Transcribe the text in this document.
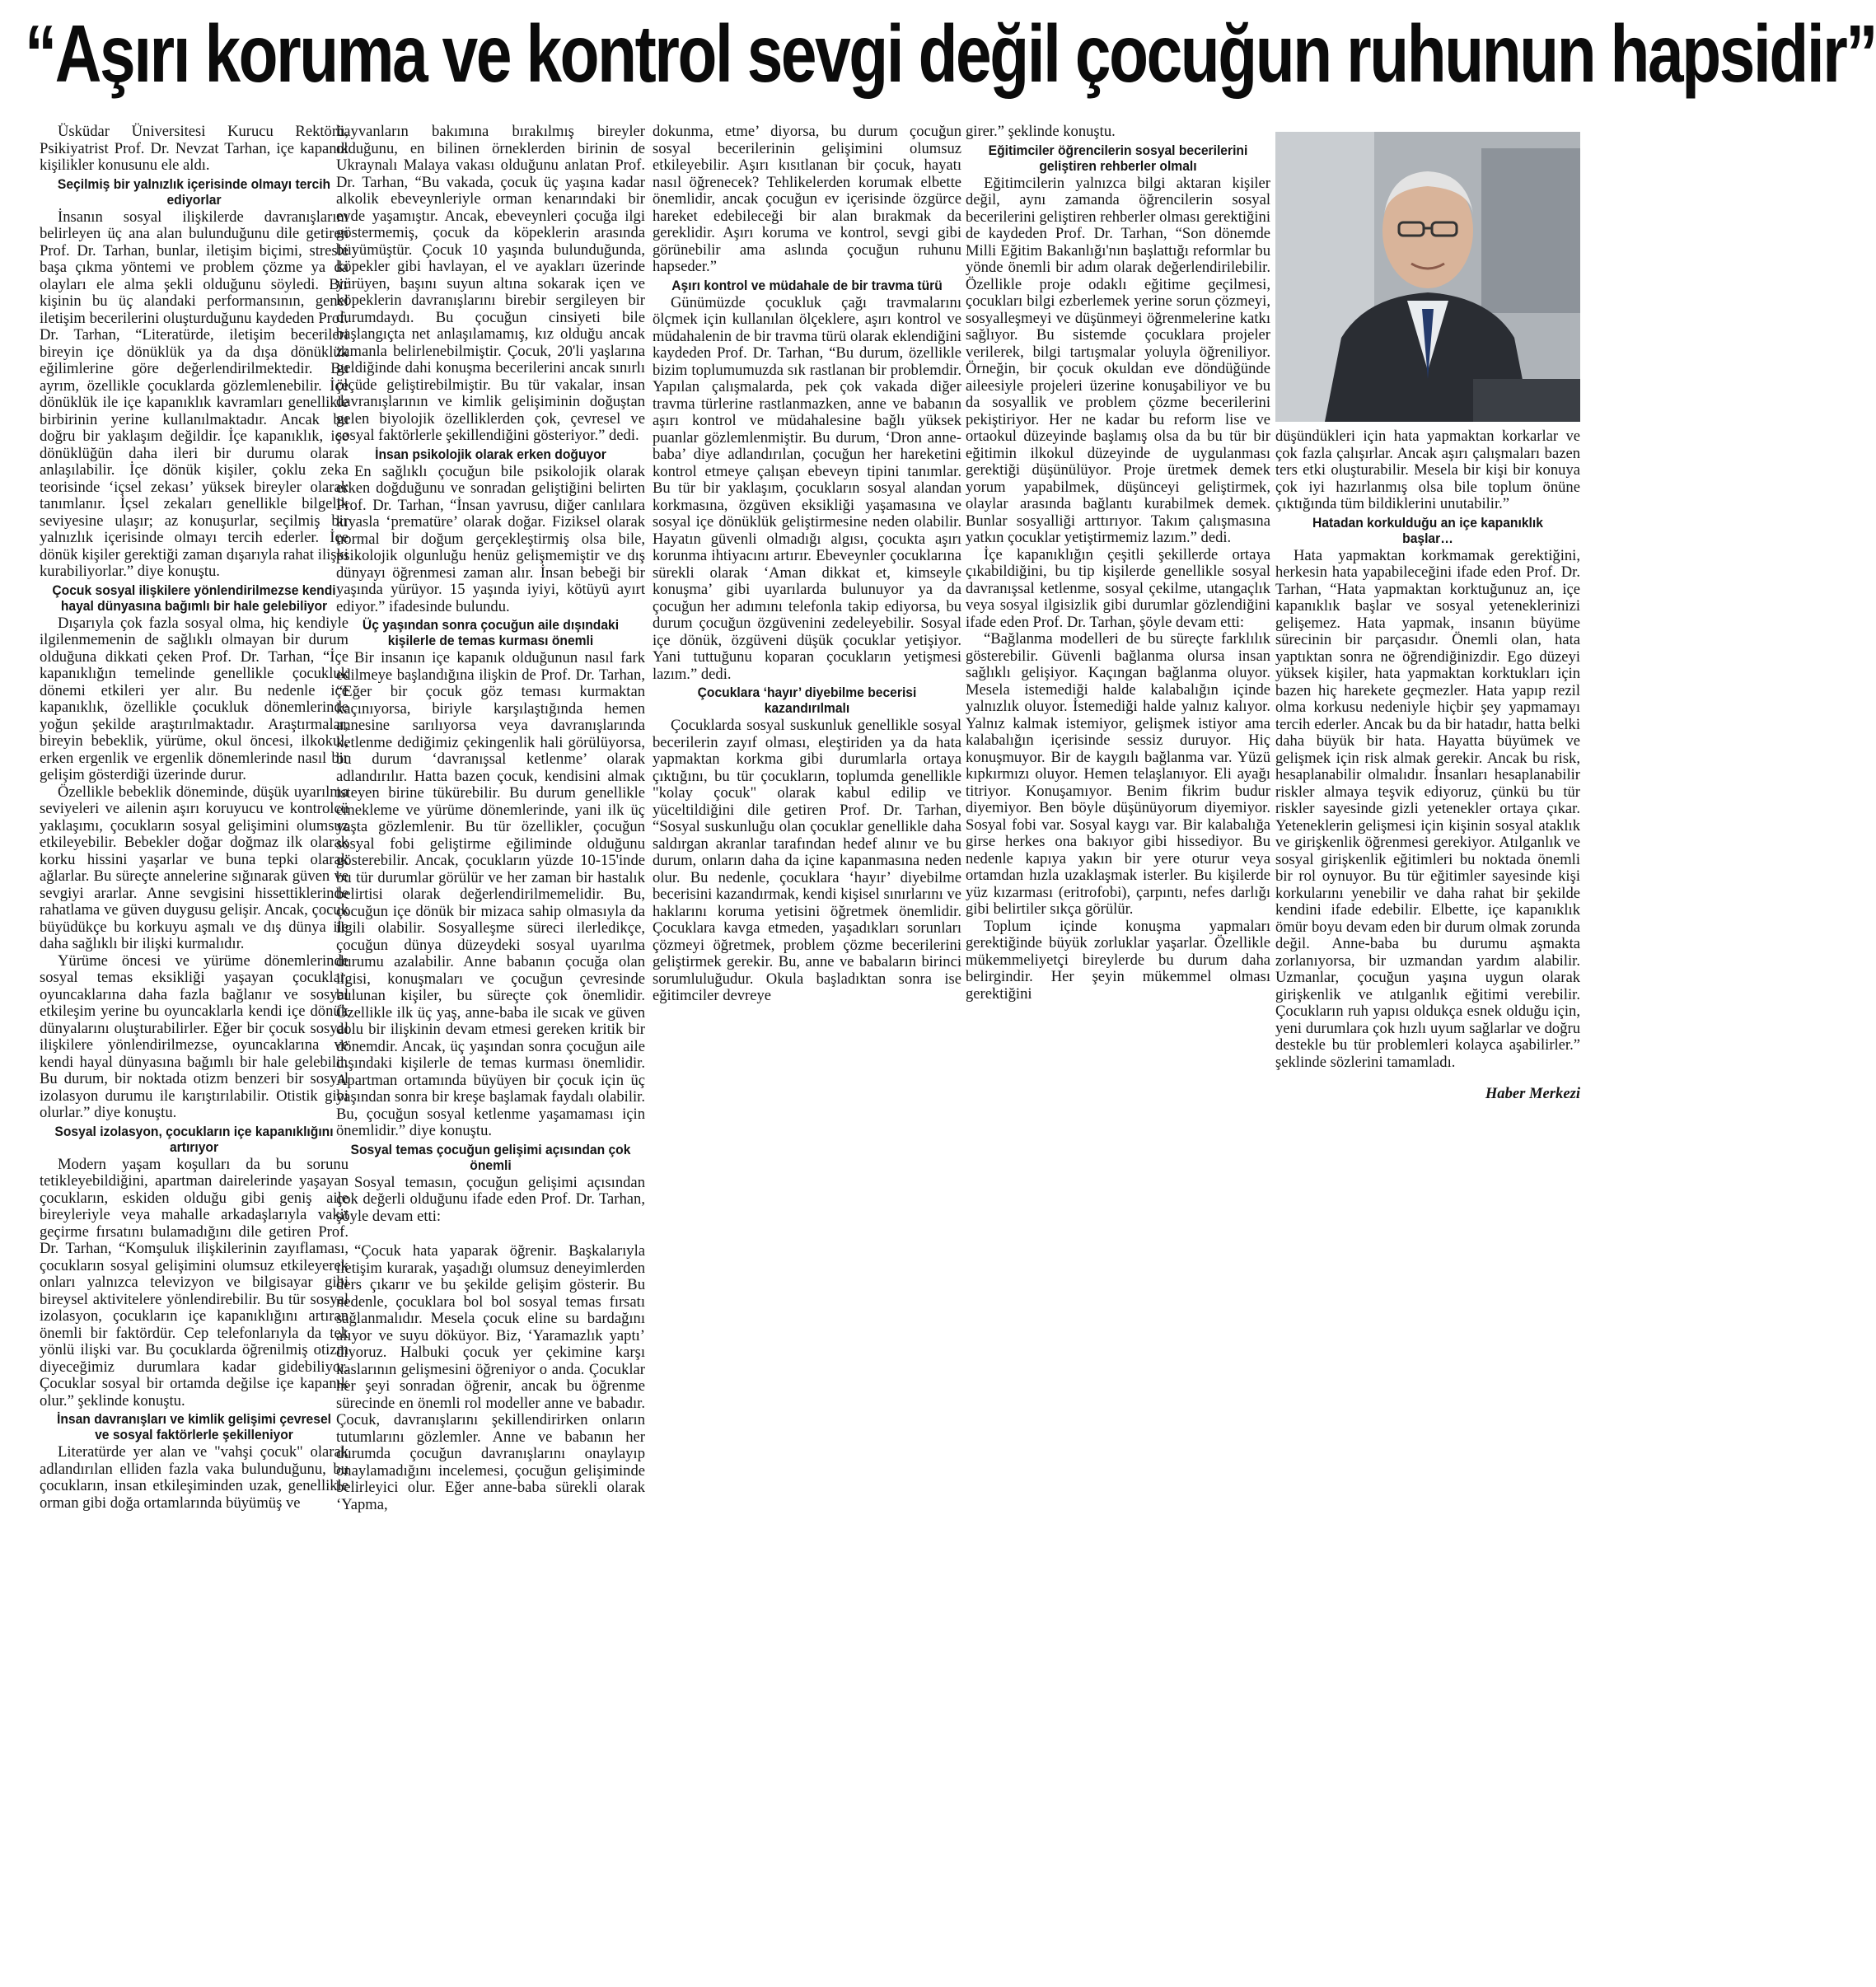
“Aşırı koruma ve kontrol sevgi değil çocuğun ruhunun hapsidir”

Üsküdar Üniversitesi Kurucu Rektörü, Psikiyatrist Prof. Dr. Nevzat Tarhan, içe kapanık kişilikler konusunu ele aldı.

Seçilmiş bir yalnızlık içerisinde olmayı tercih ediyorlar

İnsanın sosyal ilişkilerde davranışlarını belirleyen üç ana alan bulunduğunu dile getiren Prof. Dr. Tarhan, bunlar, iletişim biçimi, stresle başa çıkma yöntemi ve problem çözme ya da olayları ele alma şekli olduğunu söyledi. Bir kişinin bu üç alandaki performansının, genel iletişim becerilerini oluşturduğunu kaydeden Prof. Dr. Tarhan, “Literatürde, iletişim becerileri bireyin içe dönüklük ya da dışa dönüklük eğilimlerine göre değerlendirilmektedir. Bu ayrım, özellikle çocuklarda gözlemlenebilir. İçe dönüklük ile içe kapanıklık kavramları genellikle birbirinin yerine kullanılmaktadır. Ancak bu doğru bir yaklaşım değildir. İçe kapanıklık, içe dönüklüğün daha ileri bir durumu olarak anlaşılabilir. İçe dönük kişiler, çoklu zeka teorisinde ‘içsel zekası’ yüksek bireyler olarak tanımlanır. İçsel zekaları genellikle bilgelik seviyesine ulaşır; az konuşurlar, seçilmiş bir yalnızlık içerisinde olmayı tercih ederler. İçe dönük kişiler gerektiği zaman dışarıyla rahat ilişki kurabiliyorlar.” diye konuştu.

Çocuk sosyal ilişkilere yönlendirilmezse kendi hayal dünyasına bağımlı bir hale gelebiliyor

Dışarıyla çok fazla sosyal olma, hiç kendiyle ilgilenmemenin de sağlıklı olmayan bir durum olduğuna dikkati çeken Prof. Dr. Tarhan, “İçe kapanıklığın temelinde genellikle çocukluk dönemi etkileri yer alır. Bu nedenle içe kapanıklık, özellikle çocukluk dönemlerinde yoğun şekilde araştırılmaktadır. Araştırmalar, bireyin bebeklik, yürüme, okul öncesi, ilkokul, erken ergenlik ve ergenlik dönemlerinde nasıl bir gelişim gösterdiği üzerinde durur.

Özellikle bebeklik döneminde, düşük uyarılma seviyeleri ve ailenin aşırı koruyucu ve kontrolcü yaklaşımı, çocukların sosyal gelişimini olumsuz etkileyebilir. Bebekler doğar doğmaz ilk olarak korku hissini yaşarlar ve buna tepki olarak ağlarlar. Bu süreçte annelerine sığınarak güven ve sevgiyi ararlar. Anne sevgisini hissettiklerinde rahatlama ve güven duygusu gelişir. Ancak, çocuk büyüdükçe bu korkuyu aşmalı ve dış dünya ile daha sağlıklı bir ilişki kurmalıdır.

Yürüme öncesi ve yürüme dönemlerinde sosyal temas eksikliği yaşayan çocuklar, oyuncaklarına daha fazla bağlanır ve sosyal etkileşim yerine bu oyuncaklarla kendi içe dönük dünyalarını oluşturabilirler. Eğer bir çocuk sosyal ilişkilere yönlendirilmezse, oyuncaklarına ve kendi hayal dünyasına bağımlı bir hale gelebilir. Bu durum, bir noktada otizm benzeri bir sosyal izolasyon durumu ile karıştırılabilir. Otistik gibi olurlar.” diye konuştu.

Sosyal izolasyon, çocukların içe kapanıklığını artırıyor

Modern yaşam koşulları da bu sorunu tetikleyebildiğini, apartman dairelerinde yaşayan çocukların, eskiden olduğu gibi geniş aile bireyleriyle veya mahalle arkadaşlarıyla vakit geçirme fırsatını bulamadığını dile getiren Prof. Dr. Tarhan, “Komşuluk ilişkilerinin zayıflaması, çocukların sosyal gelişimini olumsuz etkileyerek onları yalnızca televizyon ve bilgisayar gibi bireysel aktivitelere yönlendirebilir. Bu tür sosyal izolasyon, çocukların içe kapanıklığını artıran önemli bir faktördür. Cep telefonlarıyla da tek yönlü ilişki var. Bu çocuklarda öğrenilmiş otizm diyeceğimiz durumlara kadar gidebiliyor. Çocuklar sosyal bir ortamda değilse içe kapanık olur.” şeklinde konuştu.

İnsan davranışları ve kimlik gelişimi çevresel ve sosyal faktörlerle şekilleniyor

Literatürde yer alan ve "vahşi çocuk" olarak adlandırılan elliden fazla vaka bulunduğunu, bu çocukların, insan etkileşiminden uzak, genellikle orman gibi doğa ortamlarında büyümüş ve

hayvanların bakımına bırakılmış bireyler olduğunu, en bilinen örneklerden birinin de Ukraynalı Malaya vakası olduğunu anlatan Prof. Dr. Tarhan, “Bu vakada, çocuk üç yaşına kadar alkolik ebeveynleriyle orman kenarındaki bir evde yaşamıştır. Ancak, ebeveynleri çocuğa ilgi göstermemiş, çocuk da köpeklerin arasında büyümüştür. Çocuk 10 yaşında bulunduğunda, köpekler gibi havlayan, el ve ayakları üzerinde yürüyen, başını suyun altına sokarak içen ve köpeklerin davranışlarını birebir sergileyen bir durumdaydı. Bu çocuğun cinsiyeti bile başlangıçta net anlaşılamamış, kız olduğu ancak zamanla belirlenebilmiştir. Çocuk, 20'li yaşlarına geldiğinde dahi konuşma becerilerini ancak sınırlı ölçüde geliştirebilmiştir. Bu tür vakalar, insan davranışlarının ve kimlik gelişiminin doğuştan gelen biyolojik özelliklerden çok, çevresel ve sosyal faktörlerle şekillendiğini gösteriyor.” dedi.

İnsan psikolojik olarak erken doğuyor

En sağlıklı çocuğun bile psikolojik olarak erken doğduğunu ve sonradan geliştiğini belirten Prof. Dr. Tarhan, “İnsan yavrusu, diğer canlılara kıyasla ‘prematüre’ olarak doğar. Fiziksel olarak normal bir doğum gerçekleştirmiş olsa bile, psikolojik olgunluğu henüz gelişmemiştir ve dış dünyayı öğrenmesi zaman alır. İnsan bebeği bir yaşında yürüyor. 15 yaşında iyiyi, kötüyü ayırt ediyor.” ifadesinde bulundu.

Üç yaşından sonra çocuğun aile dışındaki kişilerle de temas kurması önemli

Bir insanın içe kapanık olduğunun nasıl fark edilmeye başlandığına ilişkin de Prof. Dr. Tarhan, “Eğer bir çocuk göz teması kurmaktan kaçınıyorsa, biriyle karşılaştığında hemen annesine sarılıyorsa veya davranışlarında ketlenme dediğimiz çekingenlik hali görülüyorsa, bu durum ‘davranışsal ketlenme’ olarak adlandırılır. Hatta bazen çocuk, kendisini almak isteyen birine tükürebilir. Bu durum genellikle emekleme ve yürüme dönemlerinde, yani ilk üç yaşta gözlemlenir. Bu tür özellikler, çocuğun sosyal fobi geliştirme eğiliminde olduğunu gösterebilir. Ancak, çocukların yüzde 10-15'inde bu tür durumlar görülür ve her zaman bir hastalık belirtisi olarak değerlendirilmemelidir. Bu, çocuğun içe dönük bir mizaca sahip olmasıyla da ilgili olabilir. Sosyalleşme süreci ilerledikçe, çocuğun dünya düzeydeki sosyal uyarılma durumu azalabilir. Anne babanın çocuğa olan ilgisi, konuşmaları ve çocuğun çevresinde bulunan kişiler, bu süreçte çok önemlidir. Özellikle ilk üç yaş, anne-baba ile sıcak ve güven dolu bir ilişkinin devam etmesi gereken kritik bir dönemdir. Ancak, üç yaşından sonra çocuğun aile dışındaki kişilerle de temas kurması önemlidir. Apartman ortamında büyüyen bir çocuk için üç yaşından sonra bir kreşe başlamak faydalı olabilir. Bu, çocuğun sosyal ketlenme yaşamaması için önemlidir.” diye konuştu.

Sosyal temas çocuğun gelişimi açısından çok önemli

Sosyal temasın, çocuğun gelişimi açısından çok değerli olduğunu ifade eden Prof. Dr. Tarhan, şöyle devam etti:

“Çocuk hata yaparak öğrenir. Başkalarıyla iletişim kurarak, yaşadığı olumsuz deneyimlerden ders çıkarır ve bu şekilde gelişim gösterir. Bu nedenle, çocuklara bol bol sosyal temas fırsatı sağlanmalıdır. Mesela çocuk eline su bardağını alıyor ve suyu döküyor. Biz, ‘Yaramazlık yaptı’ diyoruz. Halbuki çocuk yer çekimine karşı kaslarının gelişmesini öğreniyor o anda. Çocuklar her şeyi sonradan öğrenir, ancak bu öğrenme sürecinde en önemli rol modeller anne ve babadır. Çocuk, davranışlarını şekillendirirken onların tutumlarını gözlemler. Anne ve babanın her durumda çocuğun davranışlarını onaylayıp onaylamadığını incelemesi, çocuğun gelişiminde belirleyici olur. Eğer anne-baba sürekli olarak ‘Yapma,

dokunma, etme’ diyorsa, bu durum çocuğun sosyal becerilerinin gelişimini olumsuz etkileyebilir. Aşırı kısıtlanan bir çocuk, hayatı nasıl öğrenecek? Tehlikelerden korumak elbette önemlidir, ancak çocuğun ev içerisinde özgürce hareket edebileceği bir alan bırakmak da gereklidir. Aşırı koruma ve kontrol, sevgi gibi görünebilir ama aslında çocuğun ruhunu hapseder.”

Aşırı kontrol ve müdahale de bir travma türü

Günümüzde çocukluk çağı travmalarını ölçmek için kullanılan ölçeklere, aşırı kontrol ve müdahalenin de bir travma türü olarak eklendiğini kaydeden Prof. Dr. Tarhan, “Bu durum, özellikle bizim toplumumuzda sık rastlanan bir problemdir. Yapılan çalışmalarda, pek çok vakada diğer travma türlerine rastlanmazken, anne ve babanın aşırı kontrol ve müdahalesine bağlı yüksek puanlar gözlemlenmiştir. Bu durum, ‘Dron anne-baba’ diye adlandırılan, çocuğun her hareketini kontrol etmeye çalışan ebeveyn tipini tanımlar. Bu tür bir yaklaşım, çocukların sosyal alandan korkmasına, özgüven eksikliği yaşamasına ve sosyal içe dönüklük geliştirmesine neden olabilir. Hayatın güvenli olmadığı algısı, çocukta aşırı korunma ihtiyacını artırır. Ebeveynler çocuklarına sürekli olarak ‘Aman dikkat et, kimseyle konuşma’ gibi uyarılarda bulunuyor ya da çocuğun her adımını telefonla takip ediyorsa, bu durum çocuğun özgüvenini zedeleyebilir. Sosyal içe dönük, özgüveni düşük çocuklar yetişiyor. Yani tuttuğunu koparan çocukların yetişmesi lazım.” dedi.

Çocuklara ‘hayır’ diyebilme becerisi kazandırılmalı

Çocuklarda sosyal suskunluk genellikle sosyal becerilerin zayıf olması, eleştiriden ya da hata yapmaktan korkma gibi durumlarla ortaya çıktığını, bu tür çocukların, toplumda genellikle "kolay çocuk" olarak kabul edilip ve yüceltildiğini dile getiren Prof. Dr. Tarhan, “Sosyal suskunluğu olan çocuklar genellikle daha saldırgan akranlar tarafından hedef alınır ve bu durum, onların daha da içine kapanmasına neden olur. Bu nedenle, çocuklara ‘hayır’ diyebilme becerisini kazandırmak, kendi kişisel sınırlarını ve haklarını koruma yetisini öğretmek önemlidir. Çocuklara kavga etmeden, yaşadıkları sorunları çözmeyi öğretmek, problem çözme becerilerini geliştirmek gerekir. Bu, anne ve babaların birinci sorumluluğudur. Okula başladıktan sonra ise eğitimciler devreye

girer.” şeklinde konuştu.

Eğitimciler öğrencilerin sosyal becerilerini geliştiren rehberler olmalı

Eğitimcilerin yalnızca bilgi aktaran kişiler değil, aynı zamanda öğrencilerin sosyal becerilerini geliştiren rehberler olması gerektiğini de kaydeden Prof. Dr. Tarhan, “Son dönemde Milli Eğitim Bakanlığı'nın başlattığı reformlar bu yönde önemli bir adım olarak değerlendirilebilir. Özellikle proje odaklı eğitime geçilmesi, çocukları bilgi ezberlemek yerine sorun çözmeyi, sosyalleşmeyi ve düşünmeyi öğrenmelerine katkı sağlıyor. Bu sistemde çocuklara projeler verilerek, bilgi tartışmalar yoluyla öğreniliyor. Örneğin, bir çocuk okuldan eve döndüğünde aileesiyle projeleri üzerine konuşabiliyor ve bu da sosyallik ve problem çözme becerilerini pekiştiriyor. Her ne kadar bu reform lise ve ortaokul düzeyinde başlamış olsa da bu tür bir eğitimin ilkokul düzeyinde de uygulanması gerektiği düşünülüyor. Proje üretmek demek yorum yapabilmek, düşünceyi geliştirmek, olaylar arasında bağlantı kurabilmek demek. Bunlar sosyalliği arttırıyor. Takım çalışmasına yatkın çocuklar yetiştirmemiz lazım.” dedi.

İçe kapanıklığın çeşitli şekillerde ortaya çıkabildiğini, bu tip kişilerde genellikle sosyal davranışsal ketlenme, sosyal çekilme, utangaçlık veya sosyal ilgisizlik gibi durumlar gözlendiğini ifade eden Prof. Dr. Tarhan, şöyle devam etti:

“Bağlanma modelleri de bu süreçte farklılık gösterebilir. Güvenli bağlanma olursa insan sağlıklı gelişiyor. Kaçıngan bağlanma oluyor. Mesela istemediği halde kalabalığın içinde yalnızlık oluyor. İstemediği halde yalnız kalıyor. Yalnız kalmak istemiyor, gelişmek istiyor ama kalabalığın içerisinde sessiz duruyor. Hiç konuşmuyor. Bir de kaygılı bağlanma var. Yüzü kıpkırmızı oluyor. Hemen telaşlanıyor. Eli ayağı titriyor. Konuşamıyor. Benim fikrim budur diyemiyor. Ben böyle düşünüyorum diyemiyor. Sosyal fobi var. Sosyal kaygı var. Bir kalabalığa girse herkes ona bakıyor gibi hissediyor. Bu nedenle kapıya yakın bir yere oturur veya ortamdan hızla uzaklaşmak isterler. Bu kişilerde yüz kızarması (eritrofobi), çarpıntı, nefes darlığı gibi belirtiler sıkça görülür.

Toplum içinde konuşma yapmaları gerektiğinde büyük zorluklar yaşarlar. Özellikle mükemmeliyetçi bireylerde bu durum daha belirgindir. Her şeyin mükemmel olması gerektiğini

düşündükleri için hata yapmaktan korkarlar ve çok fazla çalışırlar. Ancak aşırı çalışmaları bazen ters etki oluşturabilir. Mesela bir kişi bir konuya çok iyi hazırlanmış olsa bile toplum önüne çıktığında tüm bildiklerini unutabilir.”

Hatadan korkulduğu an içe kapanıklık başlar…

Hata yapmaktan korkmamak gerektiğini, herkesin hata yapabileceğini ifade eden Prof. Dr. Tarhan, “Hata yapmaktan korktuğunuz an, içe kapanıklık başlar ve sosyal yeteneklerinizi gelişemez. Hata yapmak, insanın büyüme sürecinin bir parçasıdır. Önemli olan, hata yaptıktan sonra ne öğrendiğinizdir. Ego düzeyi yüksek kişiler, hata yapmaktan korktukları için bazen hiç harekete geçmezler. Hata yapıp rezil olma korkusu nedeniyle hiçbir şey yapmamayı tercih ederler. Ancak bu da bir hatadır, hatta belki daha büyük bir hata. Hayatta büyümek ve gelişmek için risk almak gerekir. Ancak bu risk, hesaplanabilir olmalıdır. İnsanları hesaplanabilir riskler almaya teşvik ediyoruz, çünkü bu tür riskler sayesinde gizli yetenekler ortaya çıkar. Yeteneklerin gelişmesi için kişinin sosyal ataklık ve girişkenlik öğrenmesi gerekiyor. Atılganlık ve sosyal girişkenlik eğitimleri bu noktada önemli bir rol oynuyor. Bu tür eğitimler sayesinde kişi korkularını yenebilir ve daha rahat bir şekilde kendini ifade edebilir. Elbette, içe kapanıklık ömür boyu devam eden bir durum olmak zorunda değil. Anne-baba bu durumu aşmakta zorlanıyorsa, bir uzmandan yardım alabilir. Uzmanlar, çocuğun yaşına uygun olarak girişkenlik ve atılganlık eğitimi verebilir. Çocukların ruh yapısı oldukça esnek olduğu için, yeni durumlara çok hızlı uyum sağlarlar ve doğru destekle bu tür problemleri kolayca aşabilirler.” şeklinde sözlerini tamamladı.

Haber Merkezi
